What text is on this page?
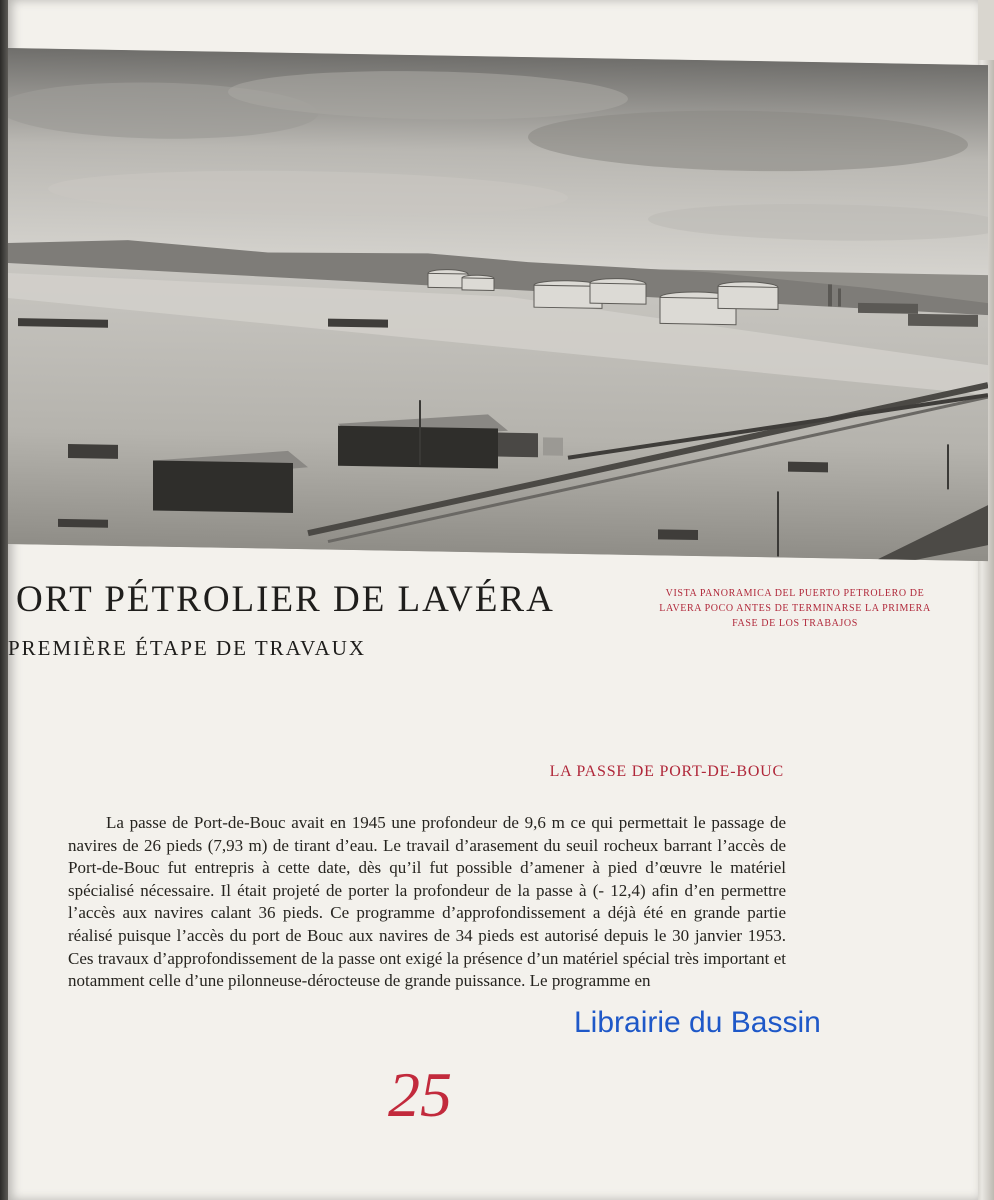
ORT PÉTROLIER DE LAVÉRA
PREMIÈRE ÉTAPE DE TRAVAUX
VISTA PANORAMICA DEL PUERTO PETROLERO DE
LAVERA POCO ANTES DE TERMINARSE LA PRIMERA
FASE DE LOS TRABAJOS
LA PASSE DE PORT-DE-BOUC
La passe de Port-de-Bouc avait en 1945 une profondeur de 9,6 m ce qui permettait le passage de navires de 26 pieds (7,93 m) de tirant d’eau. Le travail d’arasement du seuil rocheux barrant l’accès de Port-de-Bouc fut entrepris à cette date, dès qu’il fut possible d’amener à pied d’œuvre le matériel spécialisé nécessaire. Il était projeté de porter la profondeur de la passe à (- 12,4) afin d’en permettre l’accès aux navires calant 36 pieds. Ce programme d’approfondissement a déjà été en grande partie réalisé puisque l’accès du port de Bouc aux navires de 34 pieds est autorisé depuis le 30 janvier 1953. Ces travaux d’approfondissement de la passe ont exigé la présence d’un matériel spécial très important et notamment celle d’une pilonneuse-dérocteuse de grande puissance. Le programme en
Librairie du Bassin
25
